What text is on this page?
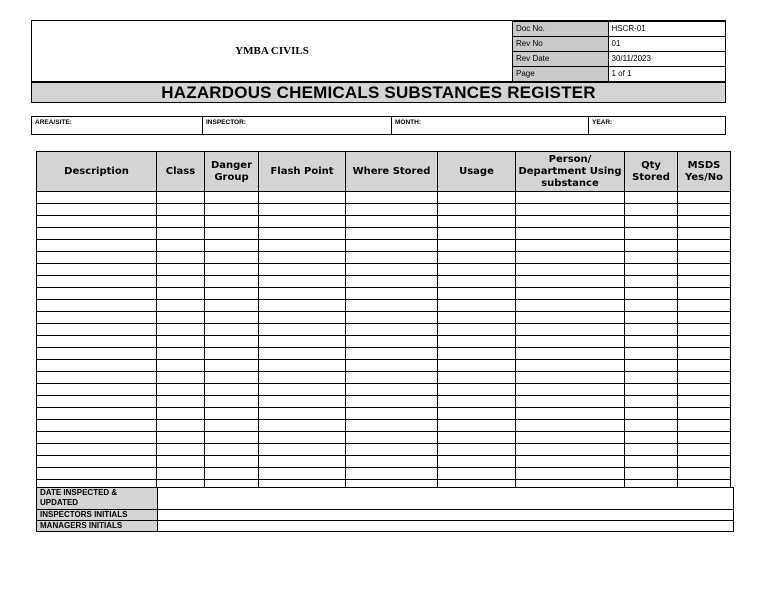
YMBA CIVILS
Doc No.	HSCR-01
Rev No	01
Rev Date	30/11/2023
Page	1 of 1
HAZARDOUS CHEMICALS SUBSTANCES REGISTER
AREA/SITE:	INSPECTOR:	MONTH:	YEAR:
Description	Class	Danger Group	Flash Point	Where Stored	Usage	Person/ Department Using substance	Qty Stored	MSDS Yes/No

DATE INSPECTED & UPDATED	
INSPECTORS INITIALS	
MANAGERS INITIALS	
